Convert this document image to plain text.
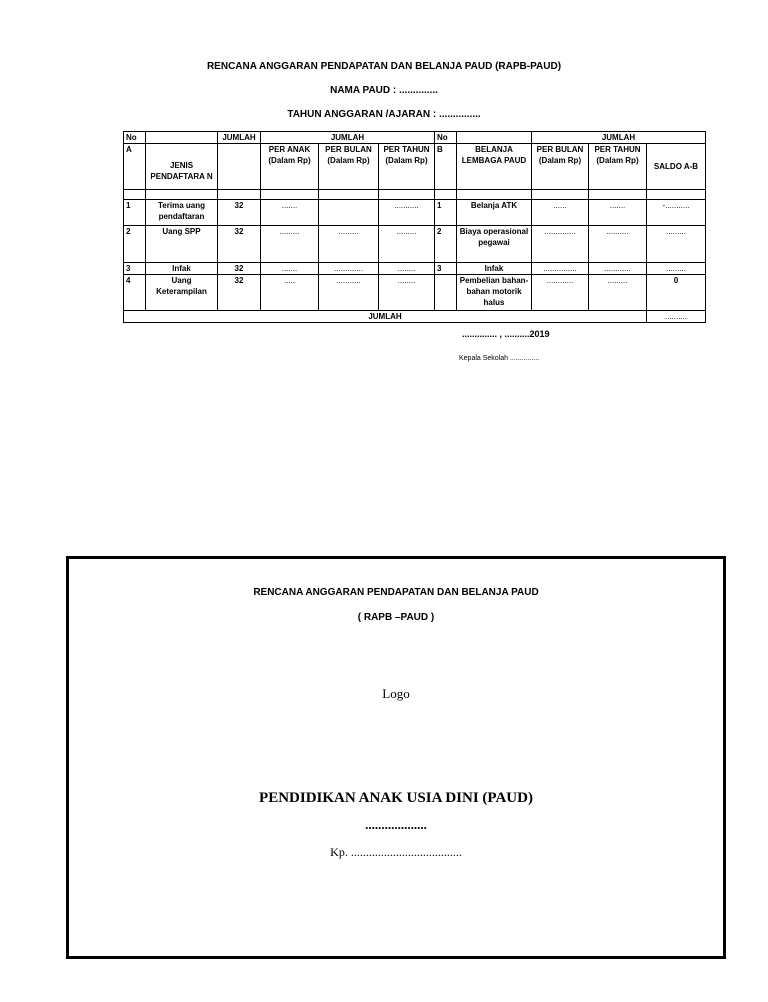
RENCANA ANGGARAN PENDAPATAN DAN BELANJA PAUD (RAPB-PAUD)
NAMA PAUD : ..............
TAHUN ANGGARAN /AJARAN : ...............
No		JUMLAH	JUMLAH			No		JUMLAH		
A	JENIS PENDAFTARA N		PER ANAK (Dalam Rp)	PER BULAN (Dalam Rp)	PER TAHUN (Dalam Rp)	B	BELANJA LEMBAGA PAUD	PER BULAN (Dalam Rp)	PER TAHUN (Dalam Rp)	SALDO A-B

1	Terima uang pendaftaran	32	.......		...........	1	Belanja ATK	......	.......	-...........
2	Uang SPP	32	.........	.........	.........	2	Biaya operasional pegawai	..............	..........	.........
3	Infak	32	.......	.............	........	3	Infak	...............	............	.........
4	Uang Keterampilan	32	.....	...........	........		Pembelian bahan-bahan motorik halus	............	.........	0
JUMLAH										..........
.............. , ..........2019
Kepala Sekolah ...............
RENCANA ANGGARAN PENDAPATAN DAN BELANJA PAUD
( RAPB –PAUD )
Logo
PENDIDIKAN ANAK USIA DINI (PAUD)
...................
Kp. .....................................
